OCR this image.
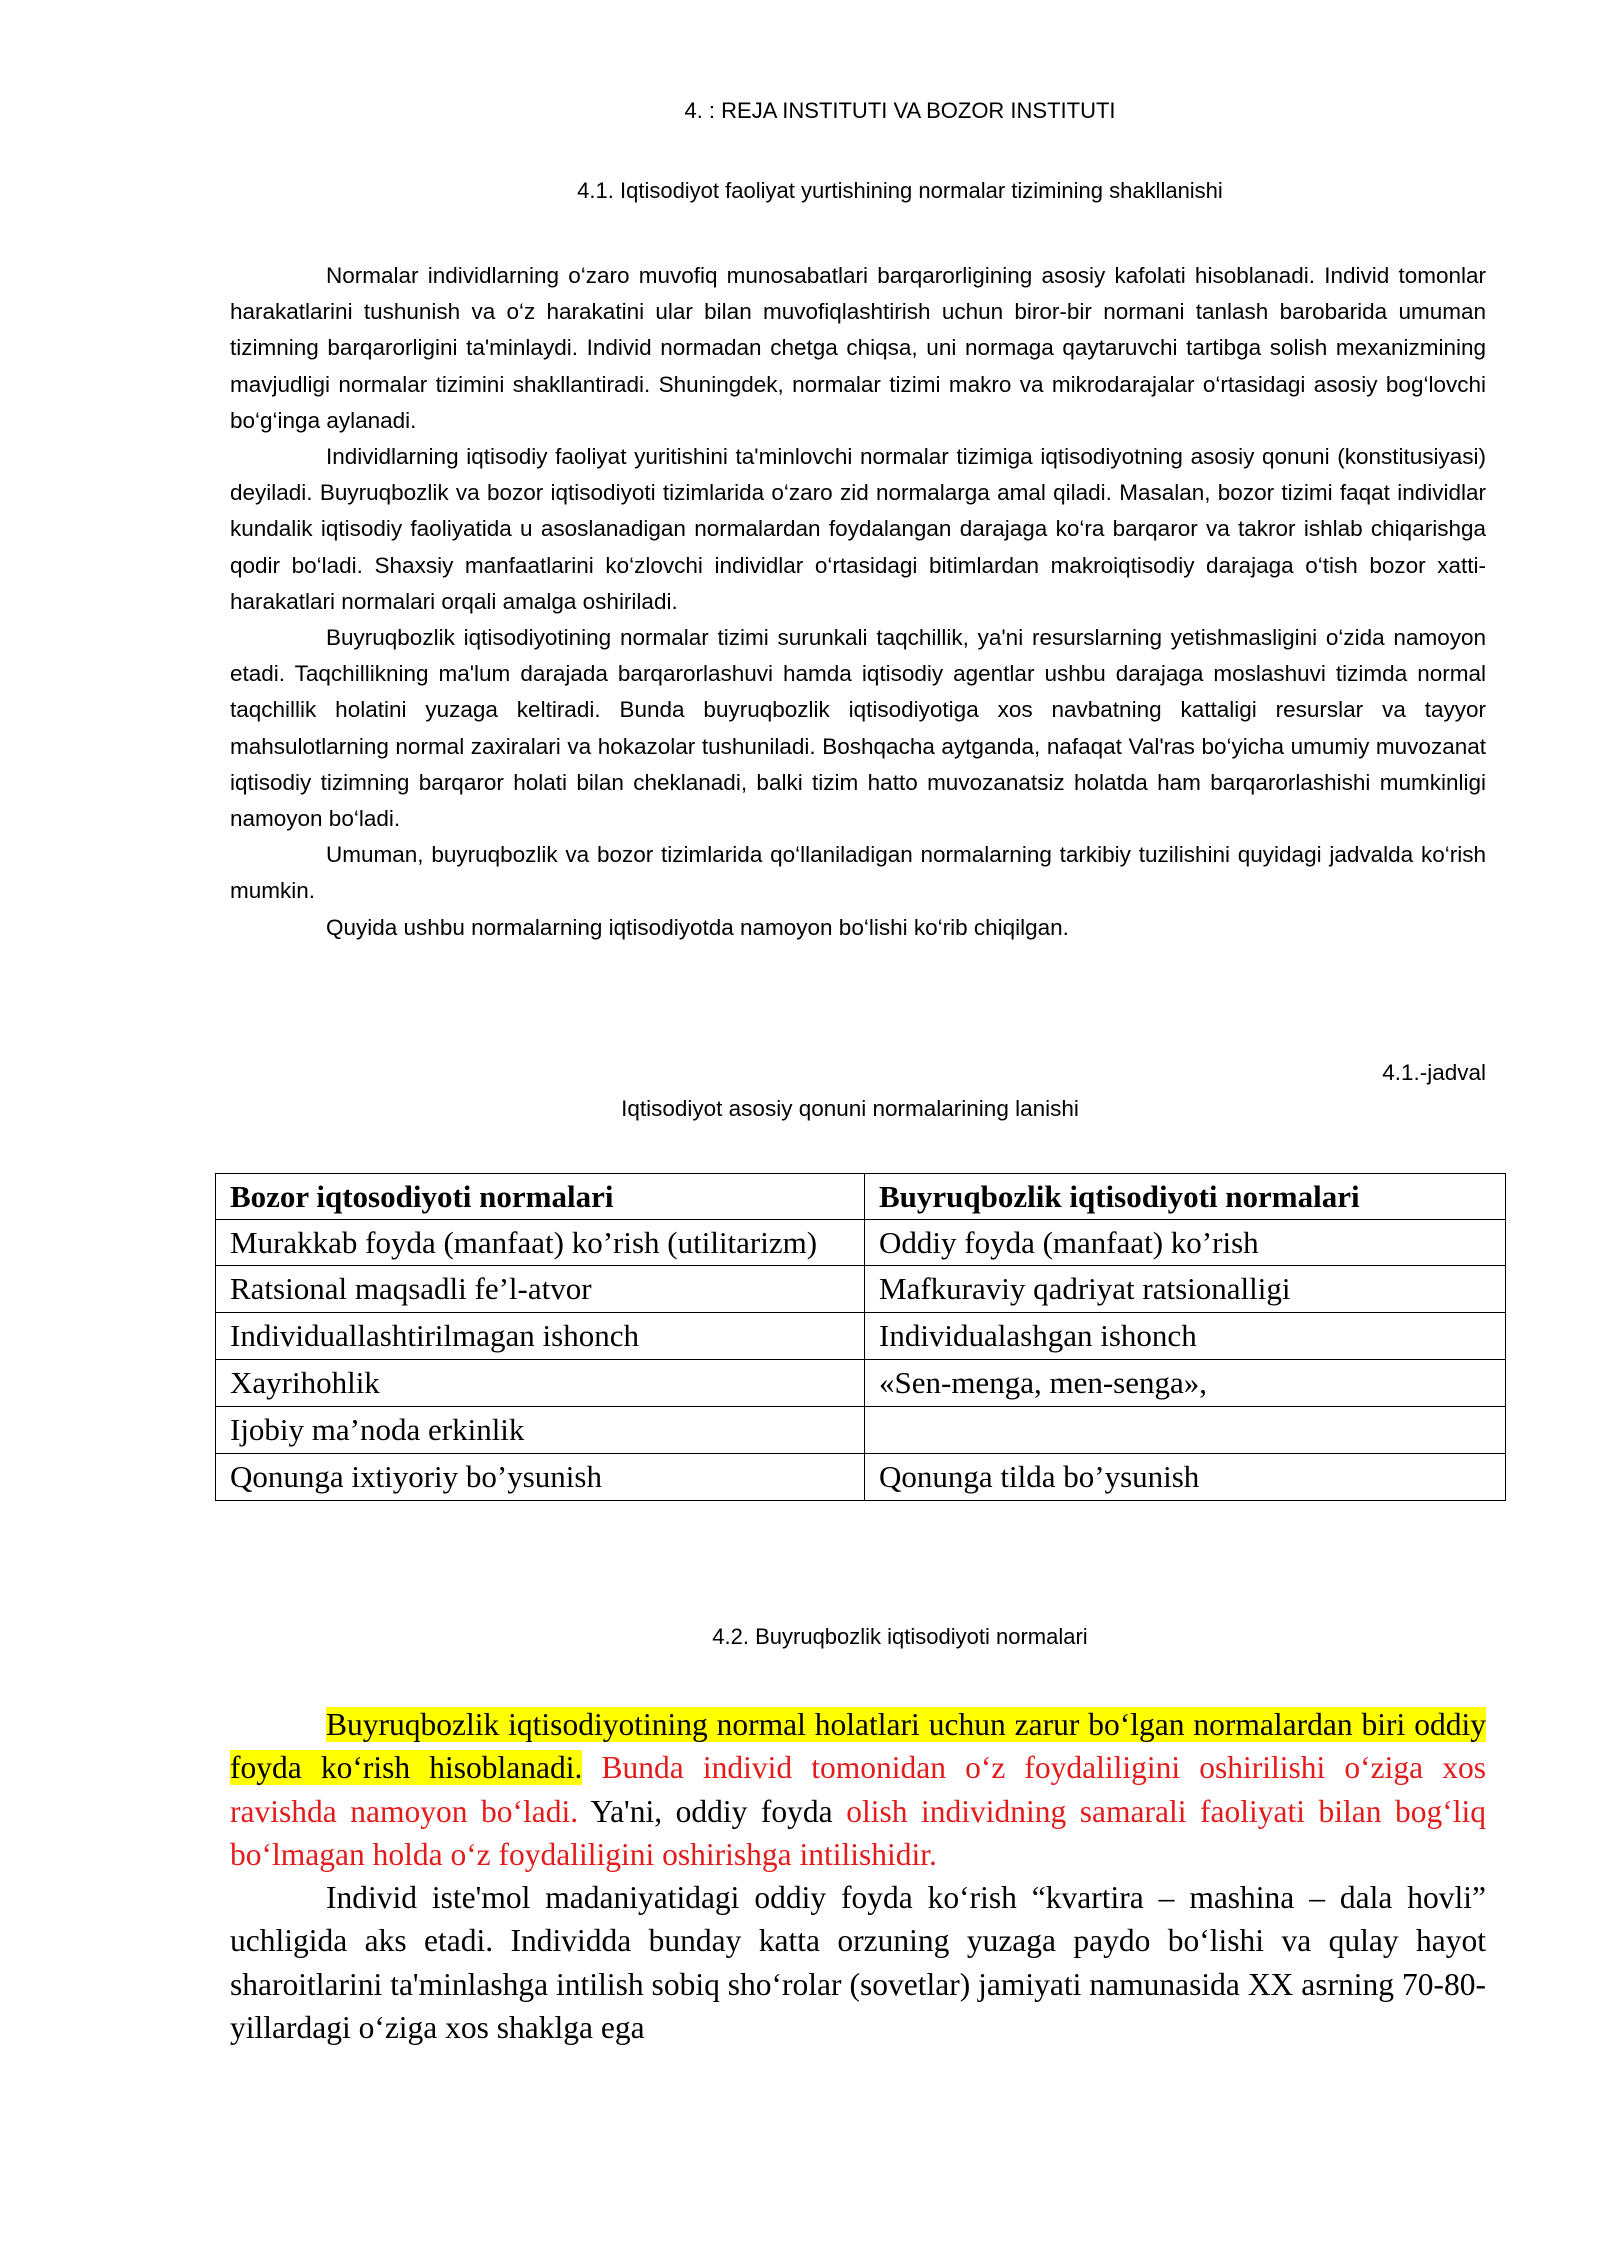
4. : REJA INSTITUTI VA BOZOR INSTITUTI
4.1. Iqtisodiyot faoliyat yurtishining normalar tizimining shakllanishi

Normalar individlarning o‘zaro muvofiq munosabatlari barqarorligining asosiy kafolati hisoblanadi. Individ tomonlar harakatlarini tushunish va o‘z harakatini ular bilan muvofiqlashtirish uchun biror-bir normani tanlash barobarida umuman tizimning barqarorligini ta'minlaydi. Individ normadan chetga chiqsa, uni normaga qaytaruvchi tartibga solish mexanizmining mavjudligi normalar tizimini shakllantiradi. Shuningdek, normalar tizimi makro va mikrodarajalar o‘rtasidagi asosiy bog‘lovchi bo‘g‘inga aylanadi.

Individlarning iqtisodiy faoliyat yuritishini ta'minlovchi normalar tizimiga iqtisodiyotning asosiy qonuni (konstitusiyasi) deyiladi. Buyruqbozlik va bozor iqtisodiyoti tizimlarida o‘zaro zid normalarga amal qiladi. Masalan, bozor tizimi faqat individlar kundalik iqtisodiy faoliyatida u asoslanadigan normalardan foydalangan darajaga ko‘ra barqaror va takror ishlab chiqarishga qodir bo‘ladi. Shaxsiy manfaatlarini ko‘zlovchi individlar o‘rtasidagi bitimlardan makroiqtisodiy darajaga o‘tish bozor xatti-harakatlari normalari orqali amalga oshiriladi.

Buyruqbozlik iqtisodiyotining normalar tizimi surunkali taqchillik, ya'ni resurslarning yetishmasligini o‘zida namoyon etadi. Taqchillikning ma'lum darajada barqarorlashuvi hamda iqtisodiy agentlar ushbu darajaga moslashuvi tizimda normal taqchillik holatini yuzaga keltiradi. Bunda buyruqbozlik iqtisodiyotiga xos navbatning kattaligi resurslar va tayyor mahsulotlarning normal zaxiralari va hokazolar tushuniladi. Boshqacha aytganda, nafaqat Val'ras bo‘yicha umumiy muvozanat iqtisodiy tizimning barqaror holati bilan cheklanadi, balki tizim hatto muvozanatsiz holatda ham barqarorlashishi mumkinligi namoyon bo‘ladi.

Umuman, buyruqbozlik va bozor tizimlarida qo‘llaniladigan normalarning tarkibiy tuzilishini quyidagi jadvalda ko‘rish mumkin.

Quyida ushbu normalarning iqtisodiyotda namoyon bo‘lishi ko‘rib chiqilgan.

4.1.-jadval
Iqtisodiyot asosiy qonuni normalarining lanishi
Bozor iqtosodiyoti normalari	Buyruqbozlik iqtisodiyoti normalari
Murakkab foyda (manfaat) ko’rish (utilitarizm)	Oddiy foyda (manfaat) ko’rish
Ratsional maqsadli fe’l-atvor	Mafkuraviy qadriyat ratsionalligi
Individuallashtirilmagan ishonch	Individualashgan ishonch
Xayrihohlik	«Sen-menga, men-senga»,
Ijobiy ma’noda erkinlik	
Qonunga ixtiyoriy bo’ysunish	Qonunga tilda bo’ysunish
4.2. Buyruqbozlik iqtisodiyoti normalari

Buyruqbozlik iqtisodiyotining normal holatlari uchun zarur bo‘lgan normalardan biri oddiy foyda ko‘rish hisoblanadi. Bunda individ tomonidan o‘z foydaliligini oshirilishi o‘ziga xos ravishda namoyon bo‘ladi. Ya'ni, oddiy foyda olish individning samarali faoliyati bilan bog‘liq bo‘lmagan holda o‘z foydaliligini oshirishga intilishidir.

Individ iste'mol madaniyatidagi oddiy foyda ko‘rish “kvartira – mashina – dala hovli” uchligida aks etadi. Individda bunday katta orzuning yuzaga paydo bo‘lishi va qulay hayot sharoitlarini ta'minlashga intilish sobiq sho‘rolar (sovetlar) jamiyati namunasida XX asrning 70-80-yillardagi o‘ziga xos shaklga ega
